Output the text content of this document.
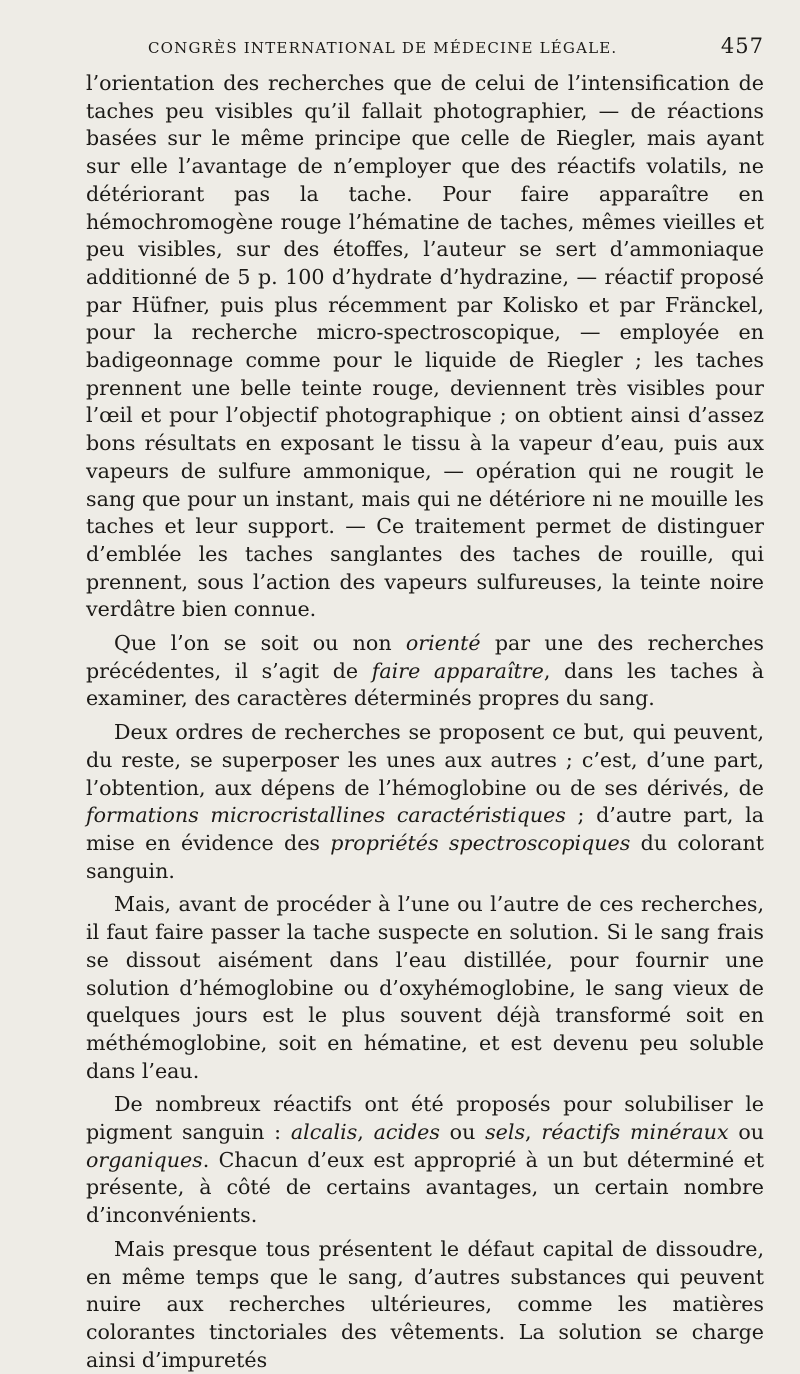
CONGRÈS INTERNATIONAL DE MÉDECINE LÉGALE.	457

l’orientation des recherches que de celui de l’intensification de taches peu visibles qu’il fallait photographier, — de réactions basées sur le même principe que celle de Riegler, mais ayant sur elle l’avantage de n’employer que des réactifs volatils, ne détériorant pas la tache. Pour faire apparaître en hémochromogène rouge l’hématine de taches, mêmes vieilles et peu visibles, sur des étoffes, l’auteur se sert d’ammoniaque additionné de 5 p. 100 d’hydrate d’hydrazine, — réactif proposé par Hüfner, puis plus récemment par Kolisko et par Fränckel, pour la recherche micro-spectroscopique, — employée en badigeonnage comme pour le liquide de Riegler ; les taches prennent une belle teinte rouge, deviennent très visibles pour l’œil et pour l’objectif photographique ; on obtient ainsi d’assez bons résultats en exposant le tissu à la vapeur d’eau, puis aux vapeurs de sulfure ammonique, — opération qui ne rougit le sang que pour un instant, mais qui ne détériore ni ne mouille les taches et leur support. — Ce traitement permet de distinguer d’emblée les taches sanglantes des taches de rouille, qui prennent, sous l’action des vapeurs sulfureuses, la teinte noire verdâtre bien connue.

Que l’on se soit ou non orienté par une des recherches précédentes, il s’agit de faire apparaître, dans les taches à examiner, des caractères déterminés propres du sang.

Deux ordres de recherches se proposent ce but, qui peuvent, du reste, se superposer les unes aux autres ; c’est, d’une part, l’obtention, aux dépens de l’hémoglobine ou de ses dérivés, de formations microcristallines caractéristiques ; d’autre part, la mise en évidence des propriétés spectroscopiques du colorant sanguin.

Mais, avant de procéder à l’une ou l’autre de ces recherches, il faut faire passer la tache suspecte en solution. Si le sang frais se dissout aisément dans l’eau distillée, pour fournir une solution d’hémoglobine ou d’oxyhémoglobine, le sang vieux de quelques jours est le plus souvent déjà transformé soit en méthémoglobine, soit en hématine, et est devenu peu soluble dans l’eau.

De nombreux réactifs ont été proposés pour solubiliser le pigment sanguin : alcalis, acides ou sels, réactifs minéraux ou organiques. Chacun d’eux est approprié à un but déterminé et présente, à côté de certains avantages, un certain nombre d’inconvénients.

Mais presque tous présentent le défaut capital de dissoudre, en même temps que le sang, d’autres substances qui peuvent nuire aux recherches ultérieures, comme les matières colorantes tinctoriales des vêtements. La solution se charge ainsi d’impuretés
